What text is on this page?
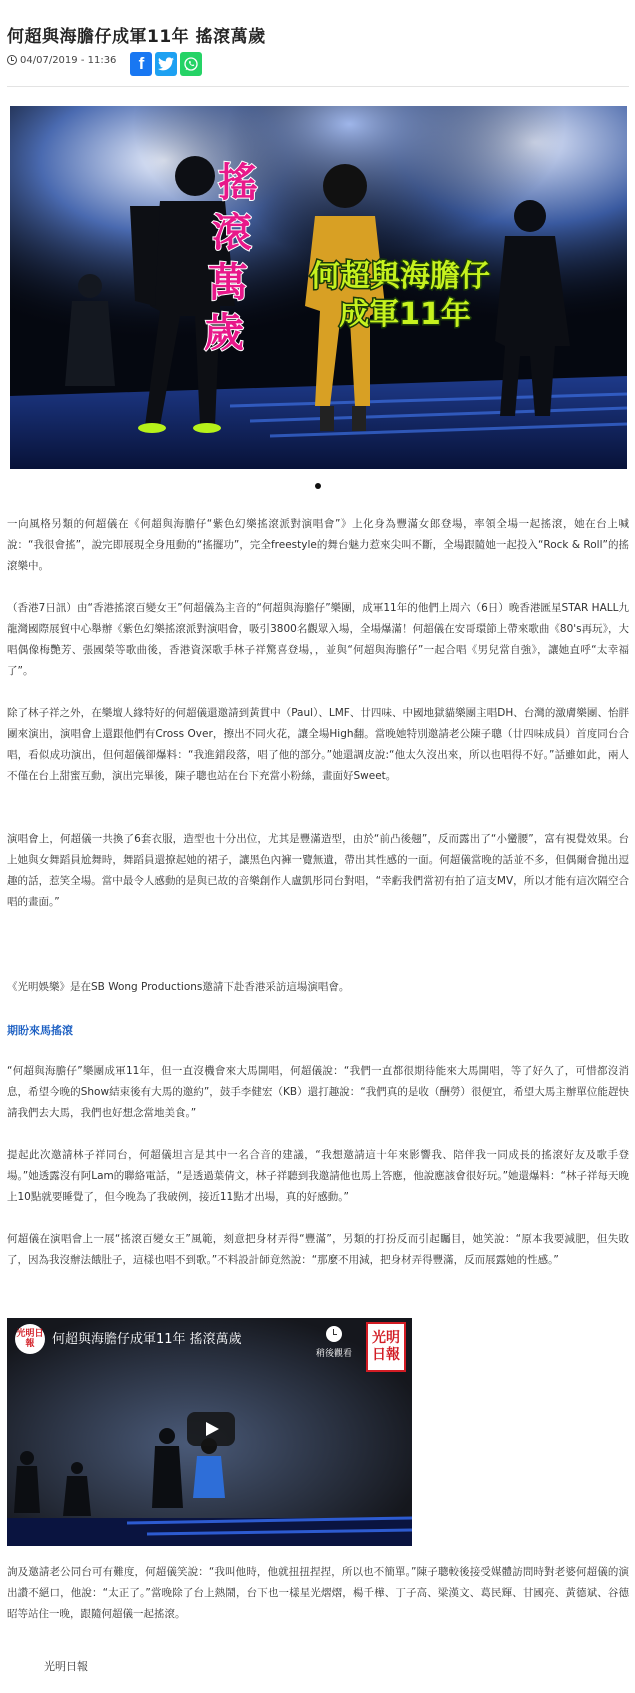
何超與海膽仔成軍11年 搖滾萬歲
04/07/2019 - 11:36 f
搖
滾
萬
歲
何超與海膽仔
成軍11年

一向風格另類的何超儀在《何超與海膽仔“紫色幻樂搖滾派對演唱會”》上化身為豐滿女郎登場，率領全場一起搖滾，她在台上喊說：“我很會搖”，說完即展現全身甩動的“搖擺功”，完全freestyle的舞台魅力惹來尖叫不斷，全場跟隨她一起投入“Rock & Roll”的搖滾樂中。

（香港7日訊）由“香港搖滾百變女王”何超儀為主音的“何超與海膽仔”樂團，成軍11年的他們上周六（6日）晚香港匯星STAR HALL九龍灣國際展貿中心舉辦《紫色幻樂搖滾派對演唱會，吸引3800名觀眾入場，全場爆滿！何超儀在安哥環節上帶來歌曲《80's再玩》，大唱偶像梅艷芳、張國榮等歌曲後，香港資深歌手林子祥驚喜登場，，並與“何超與海膽仔”一起合唱《男兒當自強》，讓她直呼“太幸福了”。

除了林子祥之外，在樂壇人緣特好的何超儀還邀請到黃貫中（Paul）、LMF、廿四味、中國地獄貓樂團主唱DH、台灣的激膚樂團、怡胖團來演出，演唱會上還跟他們有Cross Over，擦出不同火花，讓全場High翻。當晚她特別邀請老公陳子聰（廿四味成員）首度同台合唱，看似成功演出，但何超儀卻爆料：“我進錯段落，唱了他的部分。”她還調皮說:“他太久沒出來，所以也唱得不好。”話雖如此，兩人不僅在台上甜蜜互動，演出完畢後，陳子聰也站在台下充當小粉絲，畫面好Sweet。

演唱會上，何超儀一共換了6套衣服，造型也十分出位，尤其是豐滿造型，由於“前凸後翹”，反而露出了“小蠻腰”，富有視覺效果。台上她與女舞蹈員尬舞時，舞蹈員還撩起她的裙子，讓黑色內褲一覽無遺，帶出其性感的一面。何超儀當晚的話並不多，但偶爾會拋出逗趣的話，惹笑全場。當中最令人感動的是與已故的音樂創作人盧凱彤同台對唱，“幸虧我們當初有拍了這支MV，所以才能有這次隔空合唱的畫面。”

《光明娛樂》是在SB Wong Productions邀請下赴香港采訪這場演唱會。

期盼來馬搖滾

“何超與海膽仔”樂團成軍11年，但一直沒機會來大馬開唱，何超儀說：“我們一直都很期待能來大馬開唱，等了好久了，可惜都沒消息，希望今晚的Show結束後有大馬的邀約”，鼓手李健宏（KB）還打趣說：“我們真的是收（酬勞）很便宜，希望大馬主辦單位能趕快請我們去大馬，我們也好想念當地美食。”

提起此次邀請林子祥同台，何超儀坦言是其中一名合音的建議，“我想邀請這十年來影響我、陪伴我一同成長的搖滾好友及歌手登場。”她透露沒有阿Lam的聯絡電話，“是透過葉倩文，林子祥聽到我邀請他也馬上答應，他說應該會很好玩。”她還爆料：“林子祥每天晚上10點就要睡覺了，但今晚為了我破例，接近11點才出場，真的好感動。”

何超儀在演唱會上一展“搖滾百變女王”風範，刻意把身材弄得“豐滿”，另類的打扮反而引起矚目，她笑說：“原本我要減肥，但失敗了，因為我沒辦法餓肚子，這樣也唱不到歌。”不料設計師竟然說：“那麼不用減，把身材弄得豐滿，反而展露她的性感。”

光明日報	何超與海膽仔成軍11年 搖滾萬歲
稍後觀看
光明
日報

詢及邀請老公同台可有難度，何超儀笑說：“我叫他時，他就扭扭捏捏，所以也不簡單。”陳子聰較後接受媒體訪問時對老婆何超儀的演出讚不絕口，他說：“太正了。”當晚除了台上熱鬧，台下也一樣星光熠熠，楊千樺、丁子高、梁漢文、葛民輝、甘國亮、黃德斌、谷德昭等站住一晚，跟隨何超儀一起搖滾。

光明日報
